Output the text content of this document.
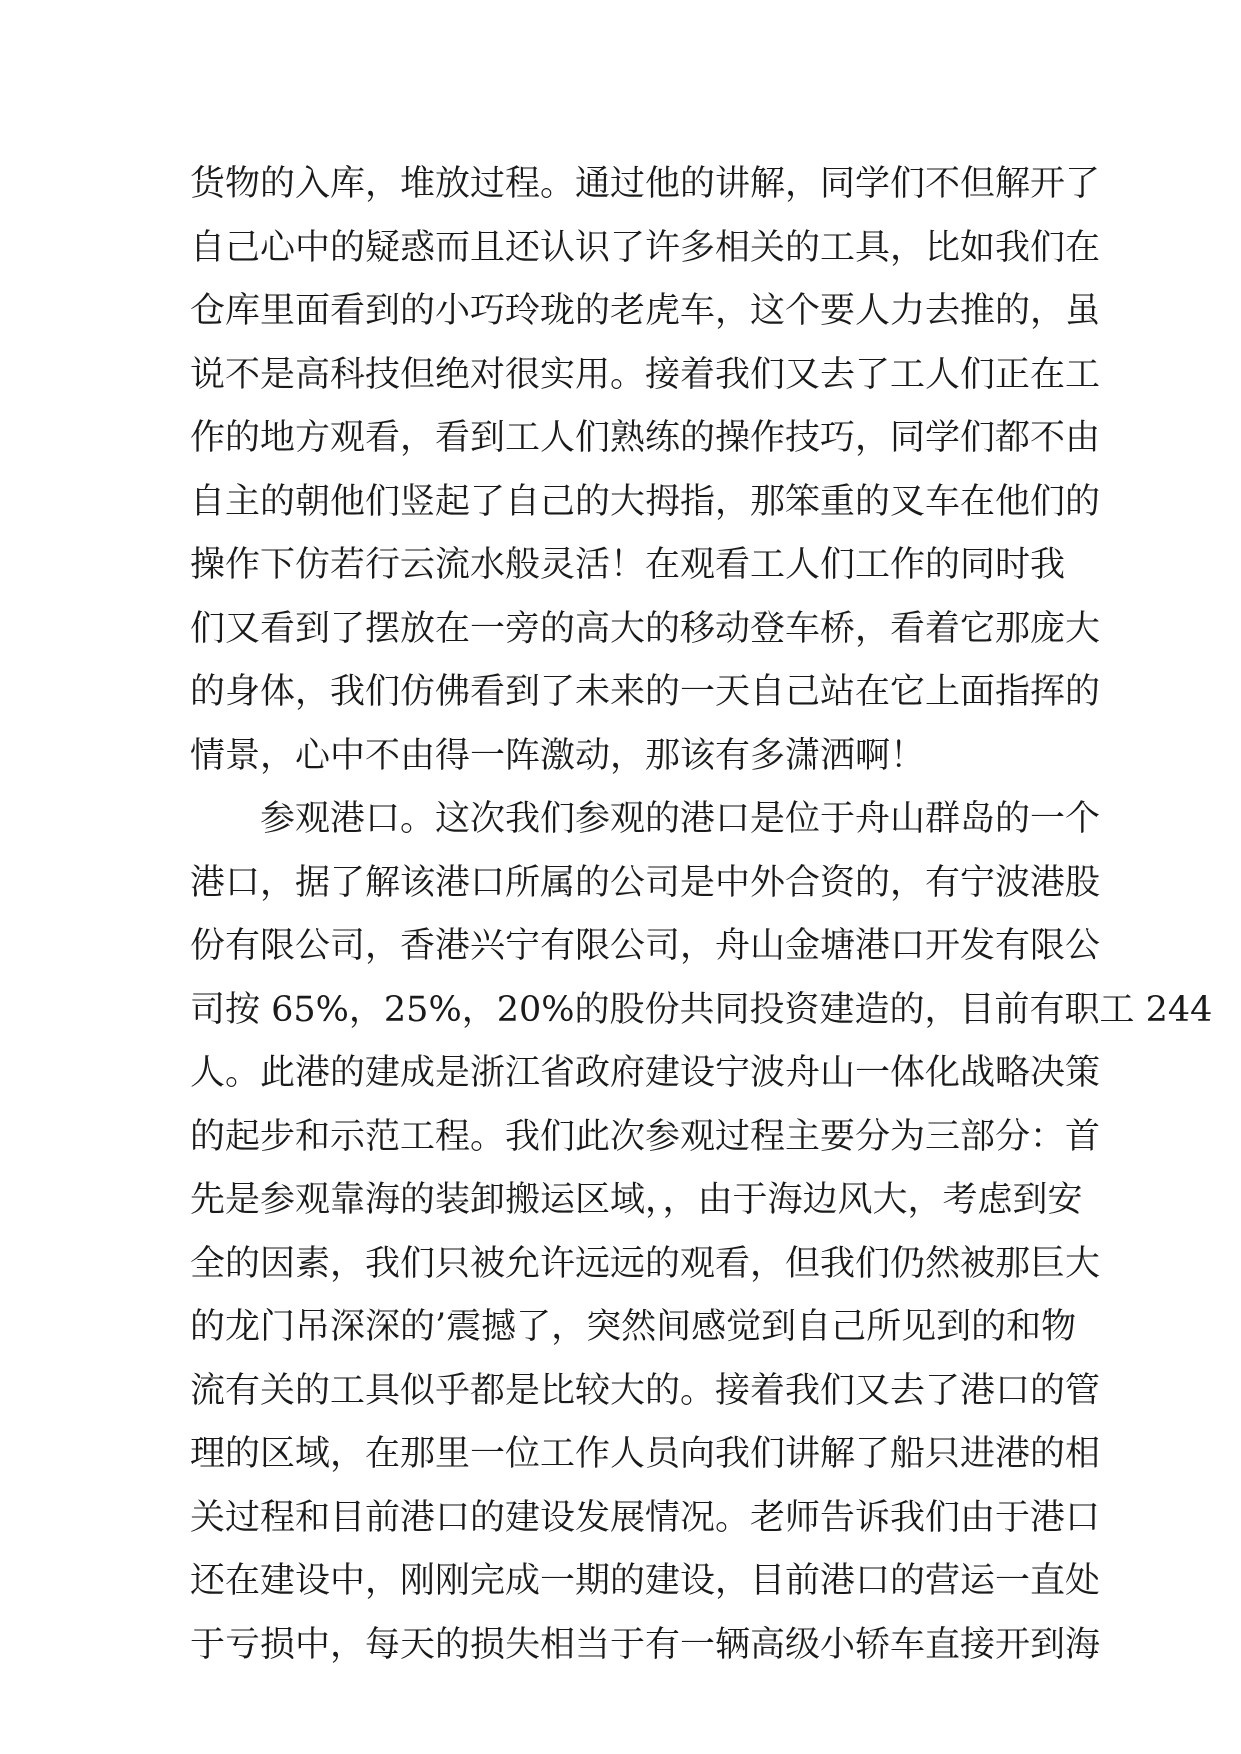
货物的入库，堆放过程。通过他的讲解，同学们不但解开了
自己心中的疑惑而且还认识了许多相关的工具，比如我们在
仓库里面看到的小巧玲珑的老虎车，这个要人力去推的，虽
说不是高科技但绝对很实用。接着我们又去了工人们正在工
作的地方观看，看到工人们熟练的操作技巧，同学们都不由
自主的朝他们竖起了自己的大拇指，那笨重的叉车在他们的
操作下仿若行云流水般灵活！在观看工人们工作的同时我
们又看到了摆放在一旁的高大的移动登车桥，看着它那庞大
的身体，我们仿佛看到了未来的一天自己站在它上面指挥的
情景，心中不由得一阵激动，那该有多潇洒啊！
参观港口。这次我们参观的港口是位于舟山群岛的一个
港口，据了解该港口所属的公司是中外合资的，有宁波港股
份有限公司，香港兴宁有限公司，舟山金塘港口开发有限公
司按 65%，25%，20%的股份共同投资建造的，目前有职工 244
人。此港的建成是浙江省政府建设宁波舟山一体化战略决策
的起步和示范工程。我们此次参观过程主要分为三部分：首
先是参观靠海的装卸搬运区域，，由于海边风大，考虑到安
全的因素，我们只被允许远远的观看，但我们仍然被那巨大
的龙门吊深深的’震撼了，突然间感觉到自己所见到的和物
流有关的工具似乎都是比较大的。接着我们又去了港口的管
理的区域，在那里一位工作人员向我们讲解了船只进港的相
关过程和目前港口的建设发展情况。老师告诉我们由于港口
还在建设中，刚刚完成一期的建设，目前港口的营运一直处
于亏损中，每天的损失相当于有一辆高级小轿车直接开到海
